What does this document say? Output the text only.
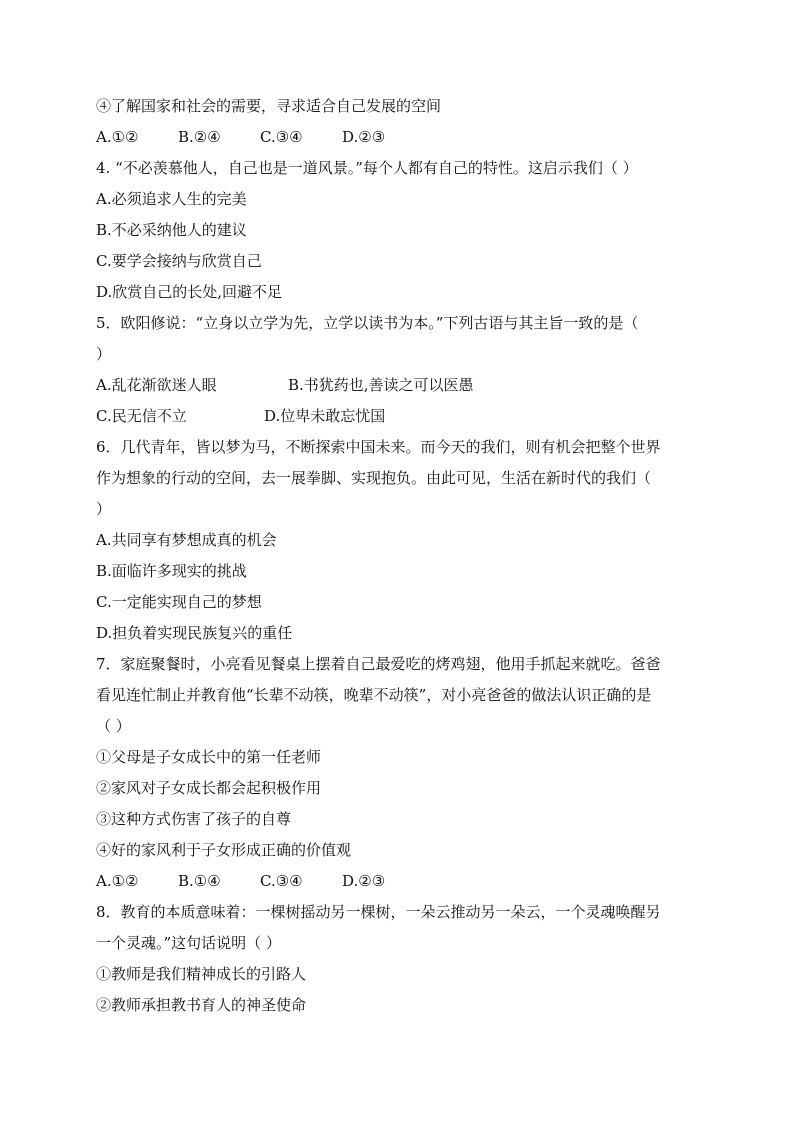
④了解国家和社会的需要，寻求适合自己发展的空间
A.①②	B.②④	C.③④	D.②③
4. “不必羡慕他人，自己也是一道风景。”每个人都有自己的特性。这启示我们（ ）
A.必须追求人生的完美
B.不必采纳他人的建议
C.要学会接纳与欣赏自己
D.欣赏自己的长处,回避不足
5．欧阳修说：“立身以立学为先，立学以读书为本。”下列古语与其主旨一致的是（
）
A.乱花渐欲迷人眼	B.书犹药也,善读之可以医愚
C.民无信不立	D.位卑未敢忘忧国
6．几代青年，皆以梦为马，不断探索中国未来。而今天的我们，则有机会把整个世界
作为想象的行动的空间，去一展拳脚、实现抱负。由此可见，生活在新时代的我们（
）
A.共同享有梦想成真的机会
B.面临许多现实的挑战
C.一定能实现自己的梦想
D.担负着实现民族复兴的重任
7．家庭聚餐时，小亮看见餐桌上摆着自己最爱吃的烤鸡翅，他用手抓起来就吃。爸爸
看见连忙制止并教育他“长辈不动筷，晚辈不动筷”，对小亮爸爸的做法认识正确的是
（ ）
①父母是子女成长中的第一任老师
②家风对子女成长都会起积极作用
③这种方式伤害了孩子的自尊
④好的家风利于子女形成正确的价值观
A.①②	B.①④	C.③④	D.②③
8．教育的本质意味着：一棵树摇动另一棵树，一朵云推动另一朵云，一个灵魂唤醒另
一个灵魂。”这句话说明（ ）
①教师是我们精神成长的引路人
②教师承担教书育人的神圣使命
